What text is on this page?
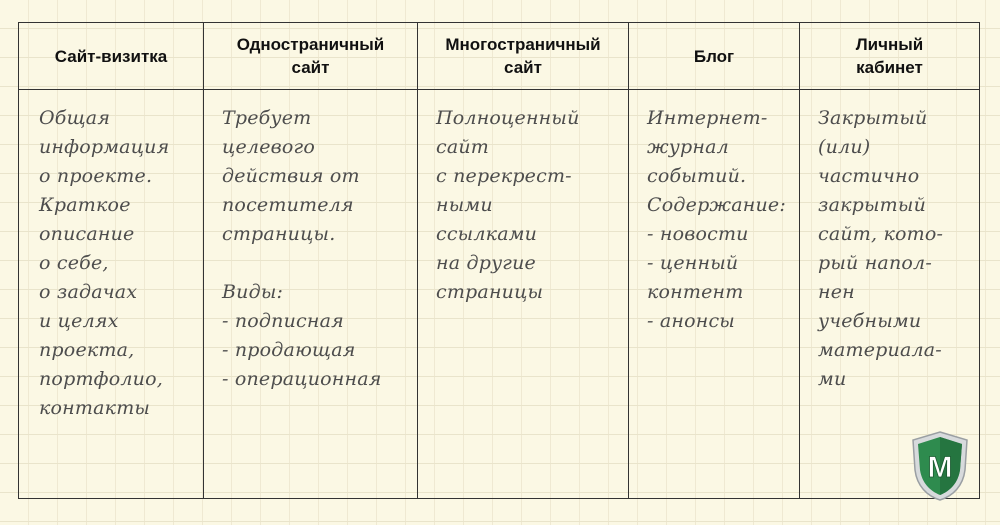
Сайт-визитка
Общая
информация
о проекте.
Краткое
описание
о себе,
о задачах
и целях
проекта,
портфолио,
контакты
Одностраничный
сайт
Требует
целевого
действия от
посетителя
страницы.
Виды:
- подписная
- продающая
- операционная
Многостраничный
сайт
Полноценный
сайт
с перекрест-
ными
ссылками
на другие
страницы
Блог
Интернет-
журнал
событий.
Содержание:
- новости
- ценный
контент
- анонсы
Личный
кабинет
Закрытый
(или)
частично
закрытый
сайт, кото-
рый напол-
нен
учебными
материала-
ми
M
